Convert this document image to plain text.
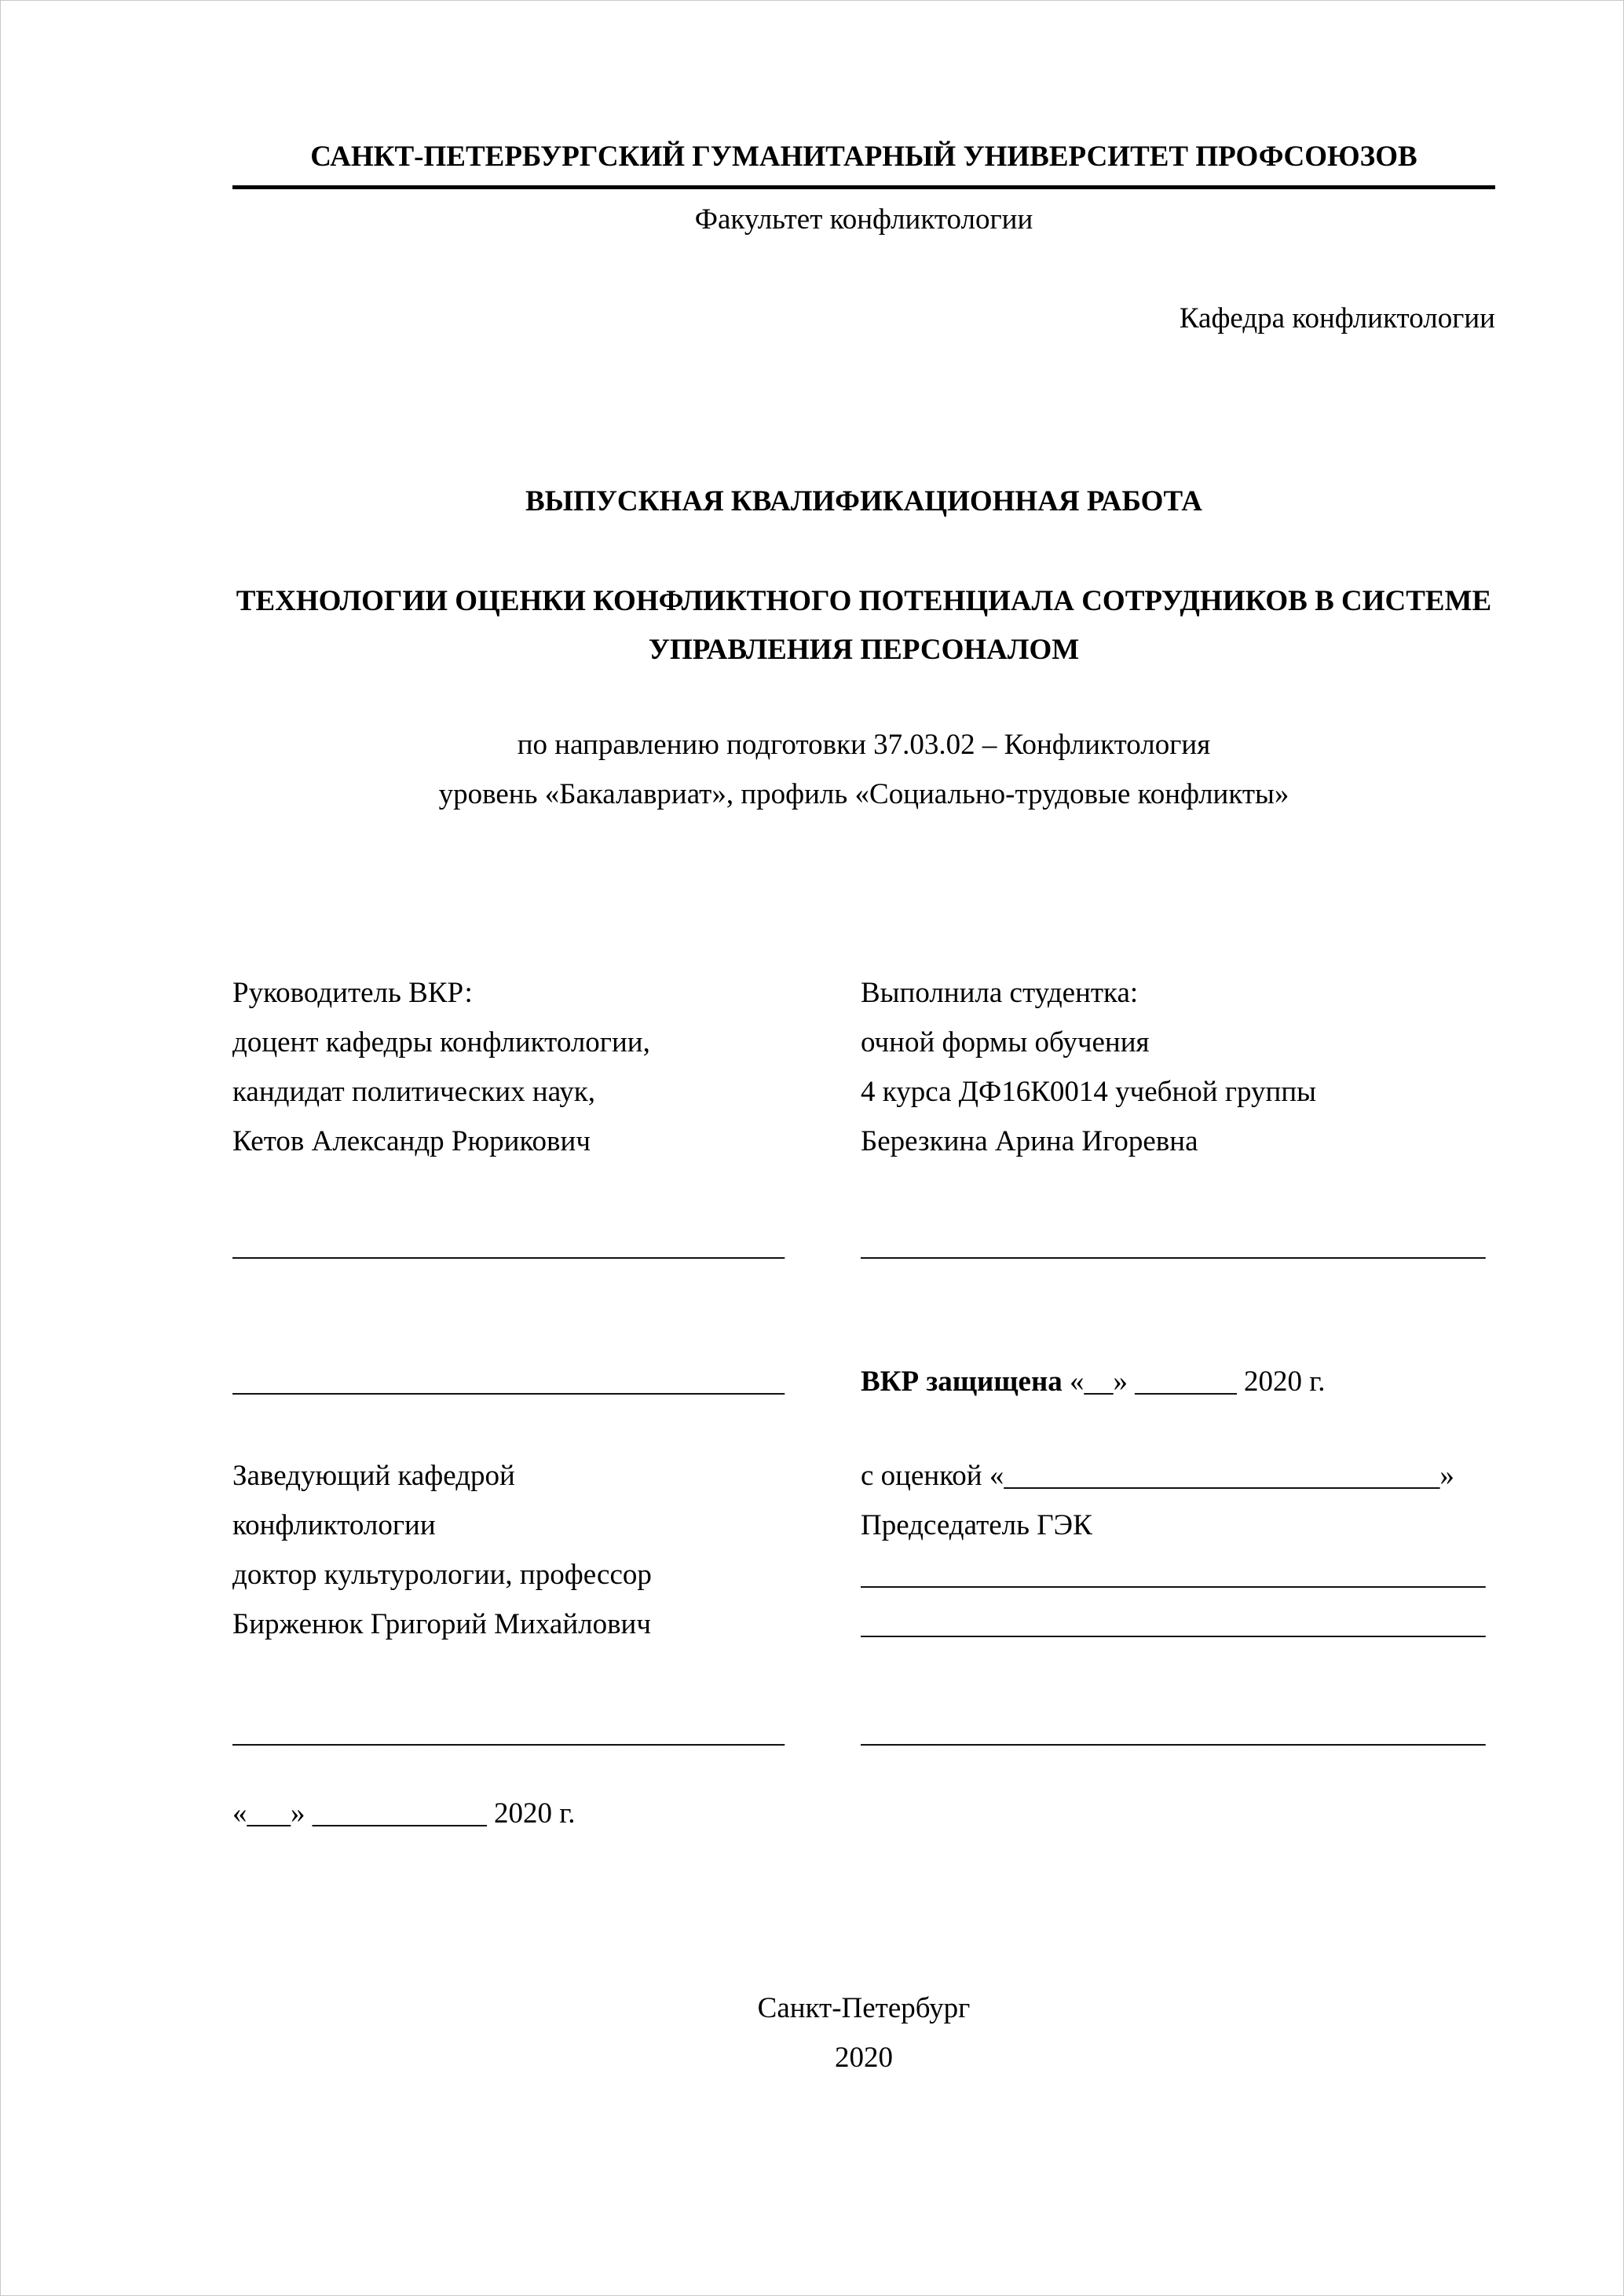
САНКТ-ПЕТЕРБУРГСКИЙ ГУМАНИТАРНЫЙ УНИВЕРСИТЕТ ПРОФСОЮЗОВ
Факультет конфликтологии
Кафедра конфликтологии
ВЫПУСКНАЯ КВАЛИФИКАЦИОННАЯ РАБОТА
ТЕХНОЛОГИИ ОЦЕНКИ КОНФЛИКТНОГО ПОТЕНЦИАЛА СОТРУДНИКОВ В СИСТЕМЕ УПРАВЛЕНИЯ ПЕРСОНАЛОМ
по направлению подготовки 37.03.02 – Конфликтология
уровень «Бакалавриат», профиль «Социально-трудовые конфликты»
Руководитель ВКР:
доцент кафедры конфликтологии,
кандидат политических наук,
Кетов Александр Рюрикович
Выполнила студентка:
очной формы обучения
4 курса ДФ16К0014 учебной группы
Березкина Арина Игоревна
______________________________________	___________________________________________
______________________________________	ВКР защищена «__» _______ 2020 г.
Заведующий кафедрой
конфликтологии
доктор культурологии, профессор
Бирженюк Григорий Михайлович
с оценкой «______________________________»
Председатель ГЭК
___________________________________________
___________________________________________
______________________________________	___________________________________________
«___» ____________ 2020 г.
Санкт-Петербург
2020
